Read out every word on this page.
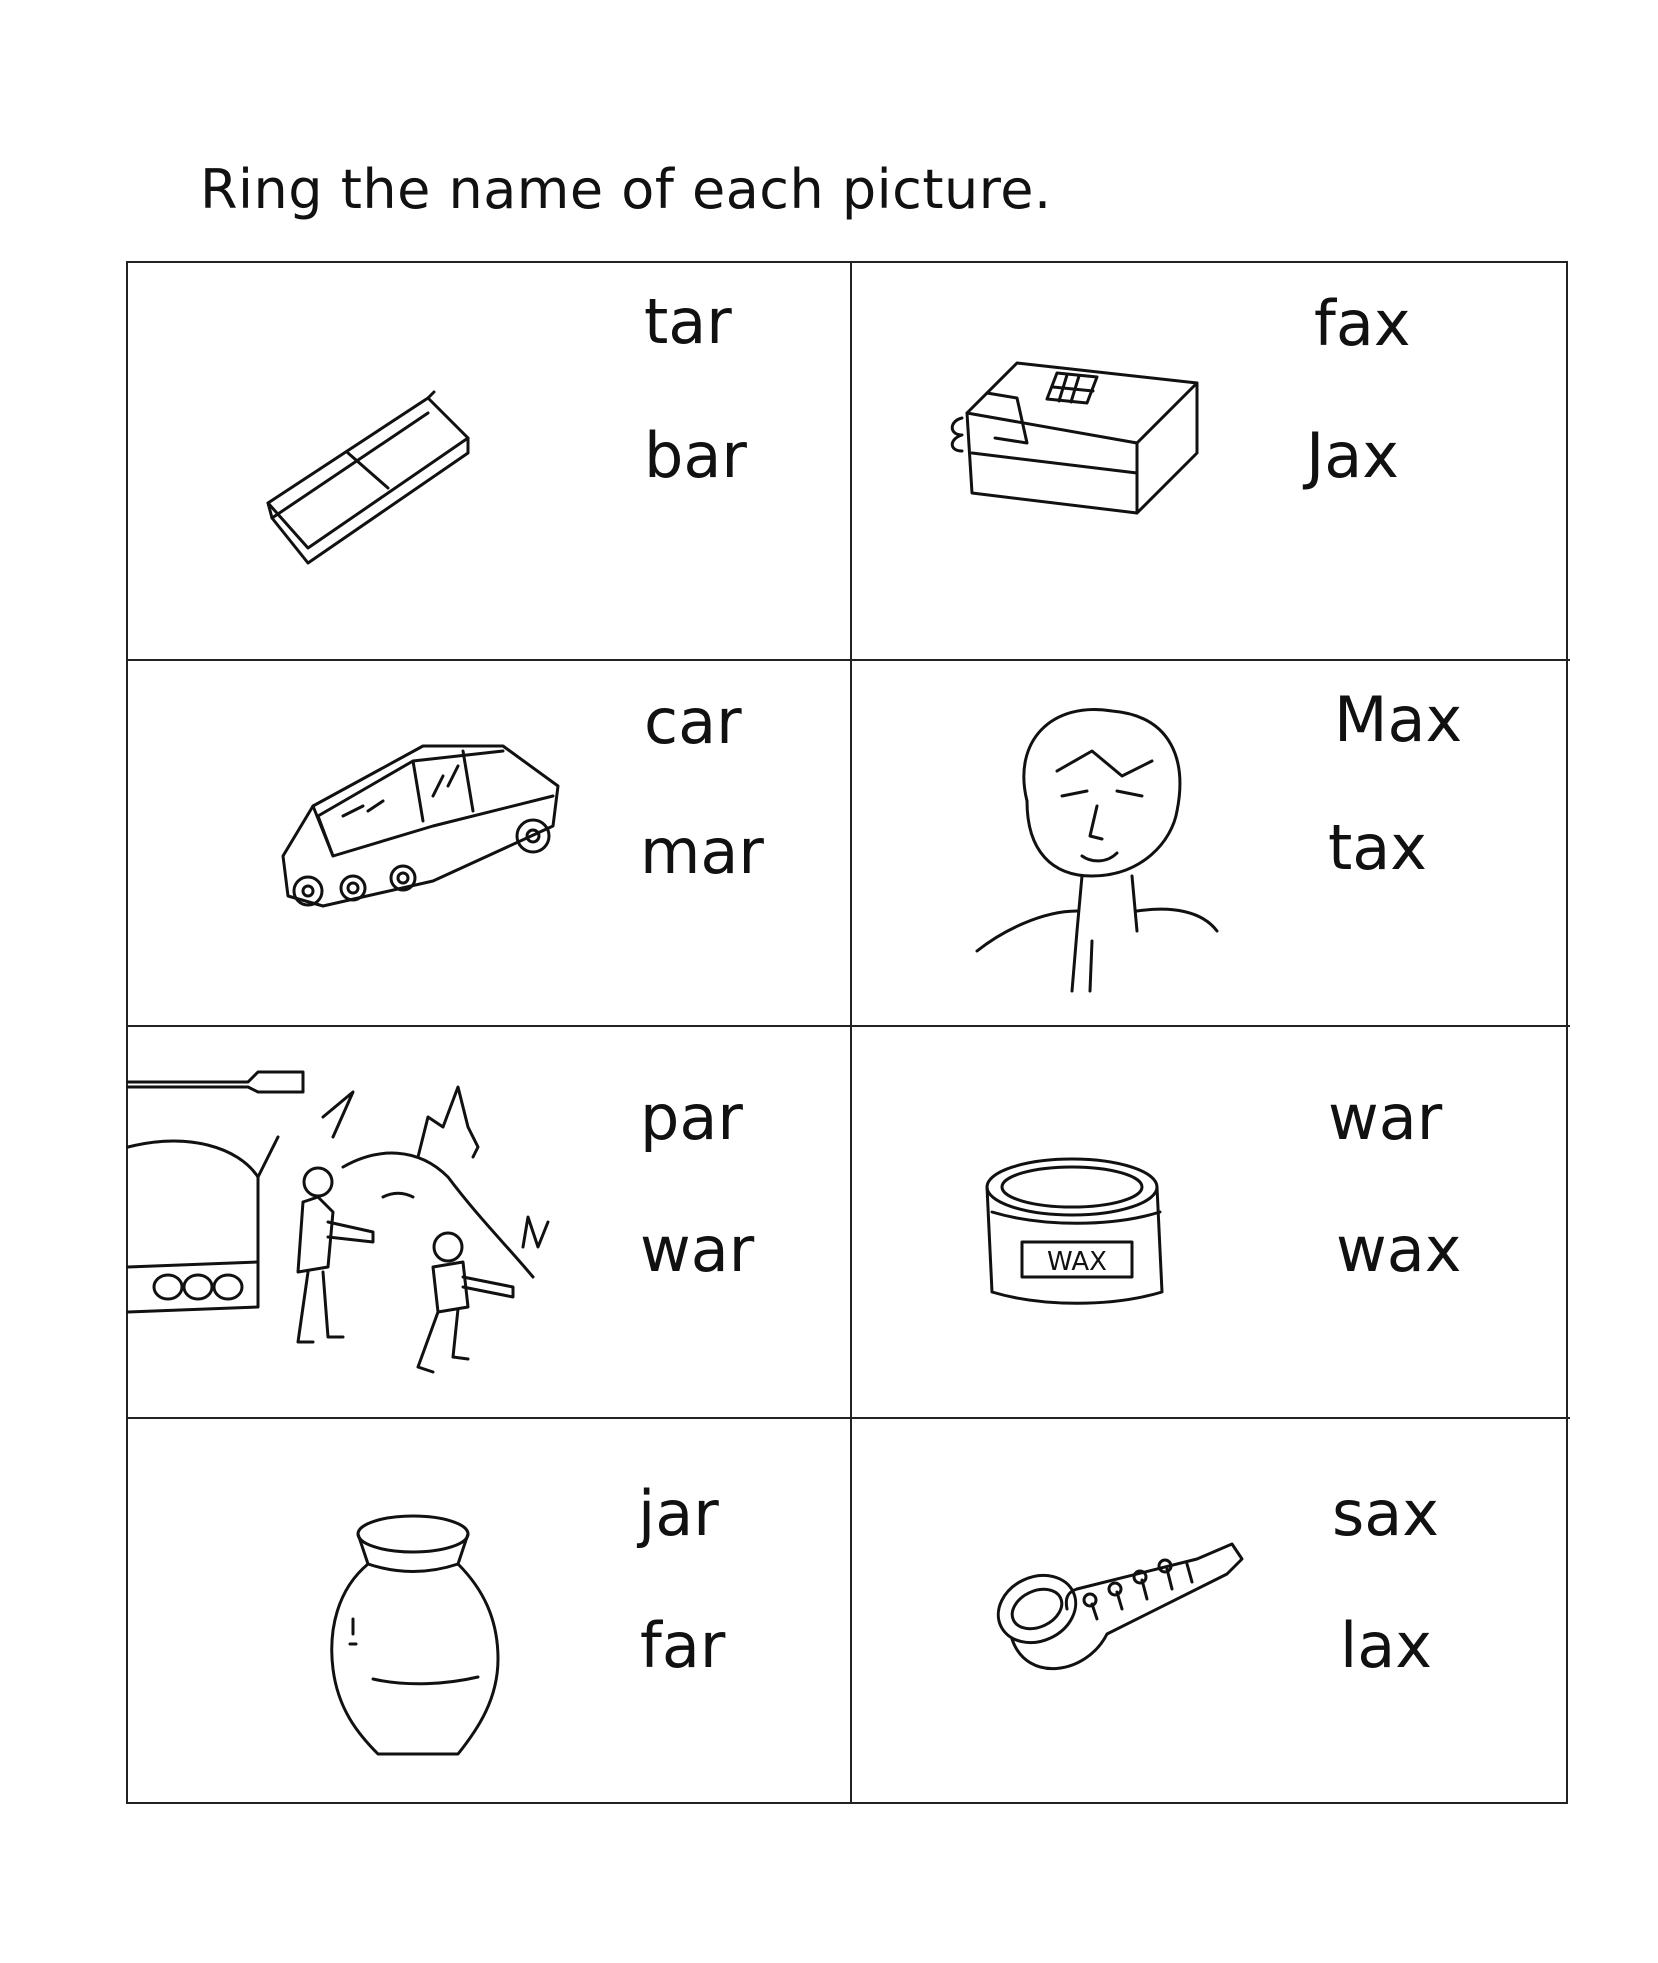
Ring the name of each picture.
tar
bar
fax
Jax
car
mar
Max
tax
par
war	WAX
war
wax
jar
far
sax
lax
